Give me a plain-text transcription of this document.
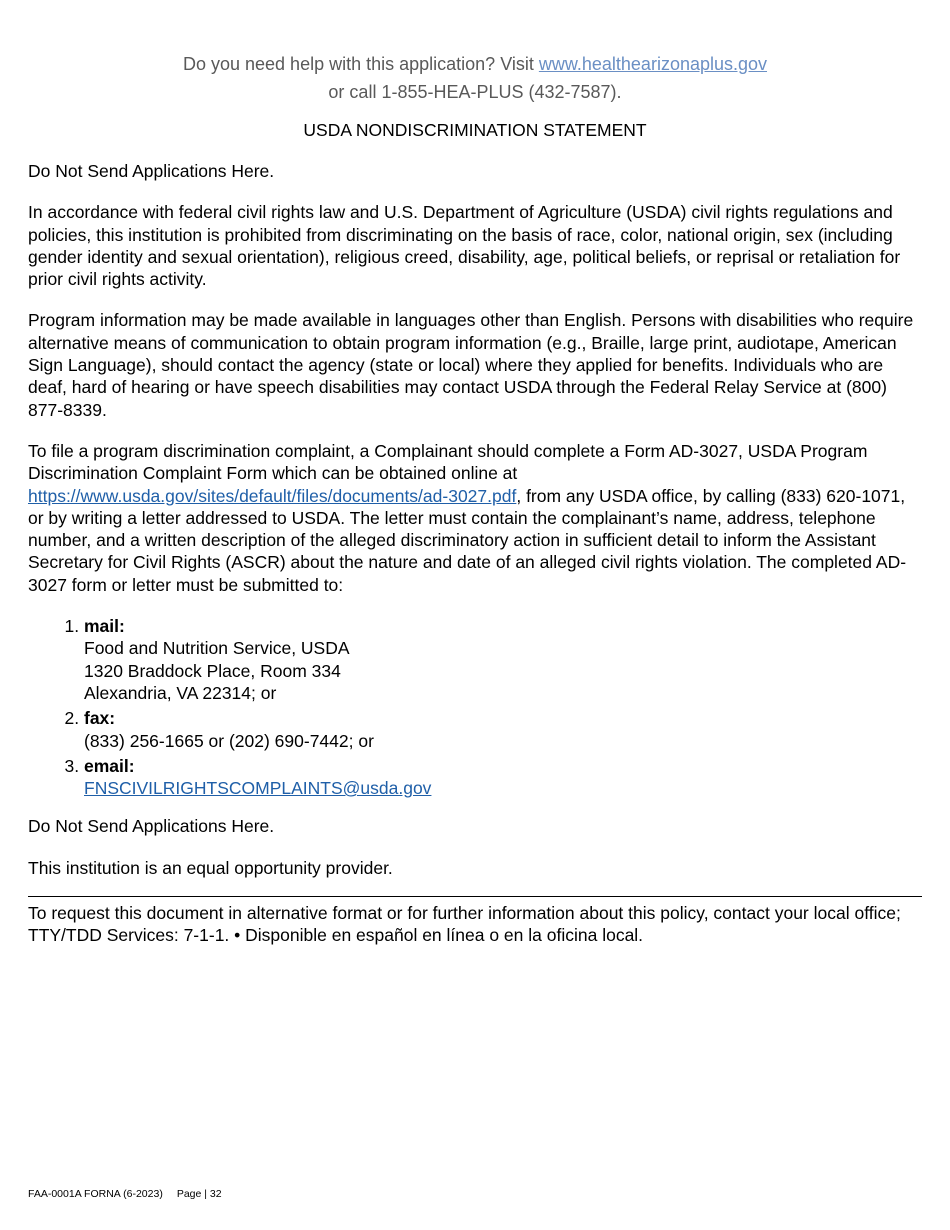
Do you need help with this application? Visit www.healthearizonaplus.gov
or call 1-855-HEA-PLUS (432-7587).
USDA NONDISCRIMINATION STATEMENT

Do Not Send Applications Here.

In accordance with federal civil rights law and U.S. Department of Agriculture (USDA) civil rights regulations and policies, this institution is prohibited from discriminating on the basis of race, color, national origin, sex (including gender identity and sexual orientation), religious creed, disability, age, political beliefs, or reprisal or retaliation for prior civil rights activity.

Program information may be made available in languages other than English. Persons with disabilities who require alternative means of communication to obtain program information (e.g., Braille, large print, audiotape, American Sign Language), should contact the agency (state or local) where they applied for benefits. Individuals who are deaf, hard of hearing or have speech disabilities may contact USDA through the Federal Relay Service at (800) 877-8339.

To file a program discrimination complaint, a Complainant should complete a Form AD-3027, USDA Program Discrimination Complaint Form which can be obtained online at https://www.usda.gov/sites/default/files/documents/ad-3027.pdf, from any USDA office, by calling (833) 620-1071, or by writing a letter addressed to USDA. The letter must contain the complainant’s name, address, telephone number, and a written description of the alleged discriminatory action in sufficient detail to inform the Assistant Secretary for Civil Rights (ASCR) about the nature and date of an alleged civil rights violation. The completed AD-3027 form or letter must be submitted to:

1. mail:
Food and Nutrition Service, USDA
1320 Braddock Place, Room 334
Alexandria, VA 22314; or
2. fax:
(833) 256-1665 or (202) 690-7442; or
3. email:
FNSCIVILRIGHTSCOMPLAINTS@usda.gov

Do Not Send Applications Here.

This institution is an equal opportunity provider.

To request this document in alternative format or for further information about this policy, contact your local office; TTY/TDD Services: 7-1-1. • Disponible en español en línea o en la oficina local.

FAA-0001A FORNA (6-2023) Page | 32
